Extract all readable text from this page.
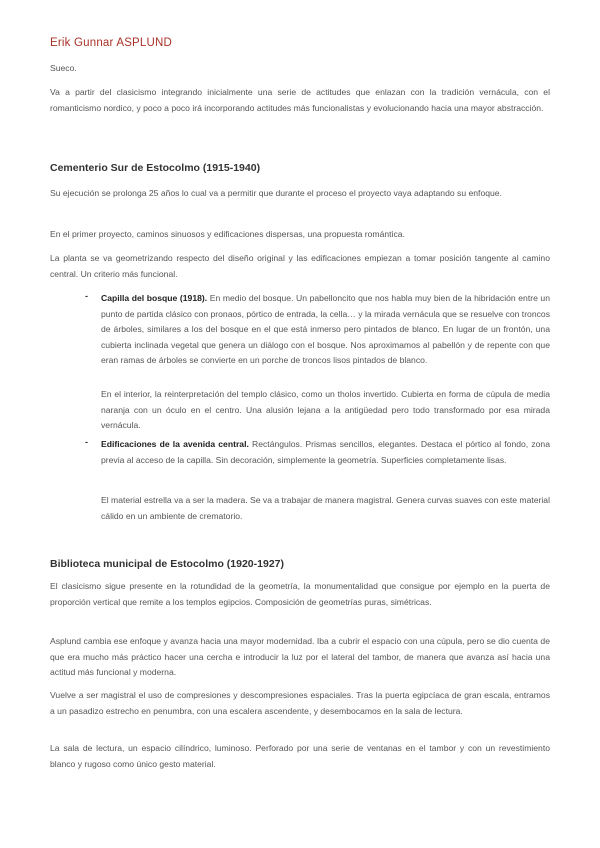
Erik Gunnar ASPLUND

Sueco.

Va a partir del clasicismo integrando inicialmente una serie de actitudes que enlazan con la tradición vernácula, con el romanticismo nordico, y poco a poco irá incorporando actitudes más funcionalistas y evolucionando hacia una mayor abstracción.

Cementerio Sur de Estocolmo (1915-1940)

Su ejecución se prolonga 25 años lo cual va a permitir que durante el proceso el proyecto vaya adaptando su enfoque.

En el primer proyecto, caminos sinuosos y edificaciones dispersas, una propuesta romántica.

La planta se va geometrizando respecto del diseño original y las edificaciones empiezan a tomar posición tangente al camino central. Un criterio más funcional.

- Capilla del bosque (1918). En medio del bosque. Un pabelloncito que nos habla muy bien de la hibridación entre un punto de partida clásico con pronaos, pórtico de entrada, la cella… y la mirada vernácula que se resuelve con troncos de árboles, similares a los del bosque en el que está inmerso pero pintados de blanco. En lugar de un frontón, una cubierta inclinada vegetal que genera un diálogo con el bosque. Nos aproximamos al pabellón y de repente con que eran ramas de árboles se convierte en un porche de troncos lisos pintados de blanco.

En el interior, la reinterpretación del templo clásico, como un tholos invertido. Cubierta en forma de cúpula de media naranja con un óculo en el centro. Una alusión lejana a la antigüedad pero todo transformado por esa mirada vernácula.

- Edificaciones de la avenida central. Rectángulos. Prismas sencillos, elegantes. Destaca el pórtico al fondo, zona previa al acceso de la capilla. Sin decoración, simplemente la geometría. Superficies completamente lisas.

El material estrella va a ser la madera. Se va a trabajar de manera magistral. Genera curvas suaves con este material cálido en un ambiente de crematorio.

Biblioteca municipal de Estocolmo (1920-1927)

El clasicismo sigue presente en la rotundidad de la geometría, la monumentalidad que consigue por ejemplo en la puerta de proporción vertical que remite a los templos egipcios. Composición de geometrías puras, simétricas.

Asplund cambia ese enfoque y avanza hacia una mayor modernidad. Iba a cubrir el espacio con una cúpula, pero se dio cuenta de que era mucho más práctico hacer una cercha e introducir la luz por el lateral del tambor, de manera que avanza así hacia una actitud más funcional y moderna.

Vuelve a ser magistral el uso de compresiones y descompresiones espaciales. Tras la puerta egipcíaca de gran escala, entramos a un pasadizo estrecho en penumbra, con una escalera ascendente, y desembocamos en la sala de lectura.

La sala de lectura, un espacio cilíndrico, luminoso. Perforado por una serie de ventanas en el tambor y con un revestimiento blanco y rugoso como único gesto material.
